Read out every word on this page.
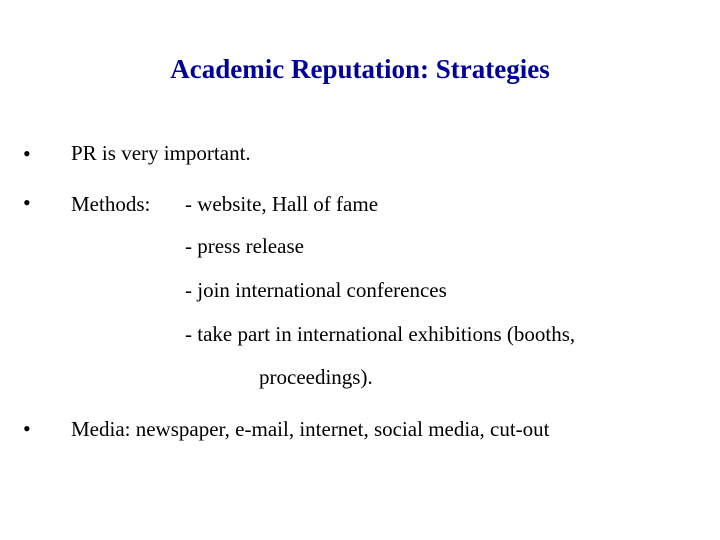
Academic Reputation: Strategies
• PR is very important.
• Methods: - website, Hall of fame
- press release
- join international conferences
- take part in international exhibitions (booths,
proceedings).
• Media: newspaper, e-mail, internet, social media, cut-out
